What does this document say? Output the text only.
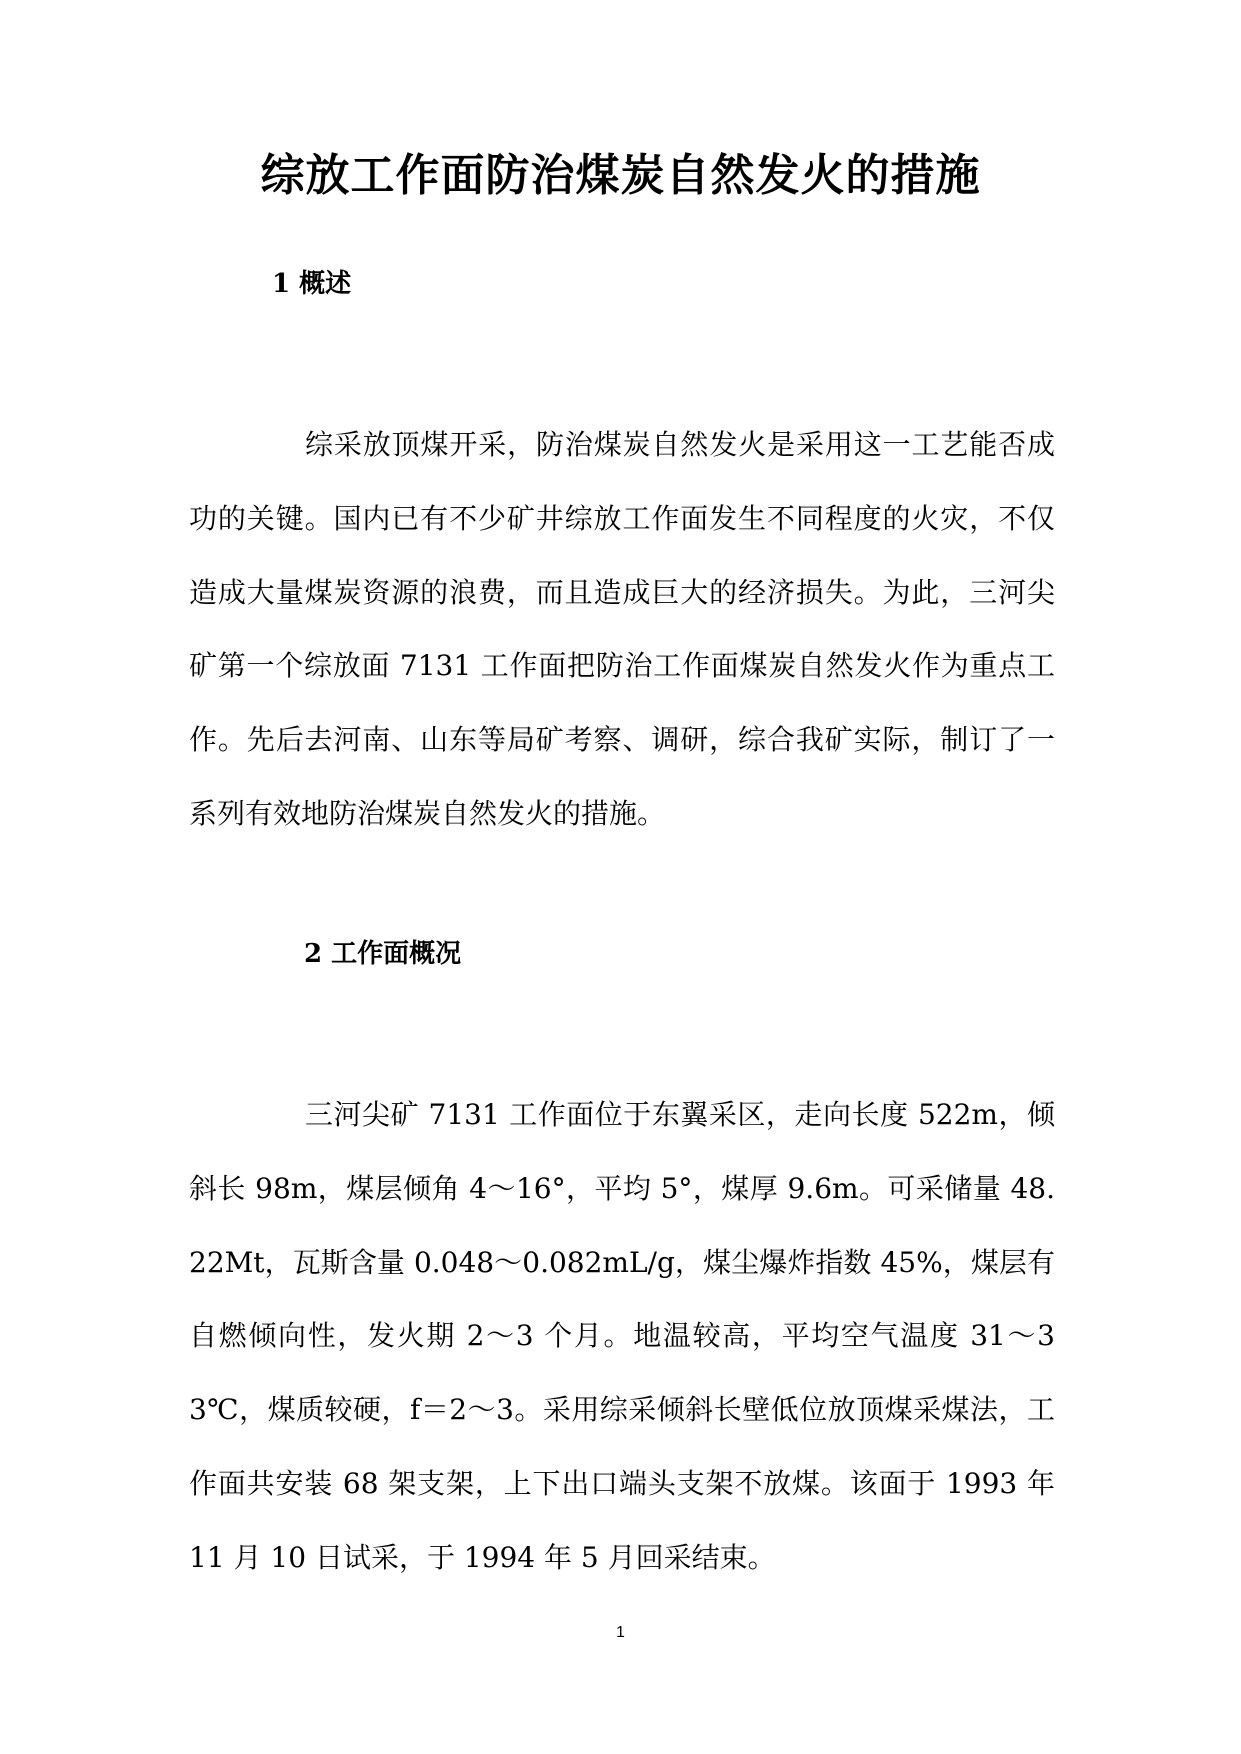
综放工作面防治煤炭自然发火的措施
1 概述

综采放顶煤开采，防治煤炭自然发火是采用这一工艺能否成功的关键。国内已有不少矿井综放工作面发生不同程度的火灾，不仅造成大量煤炭资源的浪费，而且造成巨大的经济损失。为此，三河尖矿第一个综放面 7131 工作面把防治工作面煤炭自然发火作为重点工作。先后去河南、山东等局矿考察、调研，综合我矿实际，制订了一系列有效地防治煤炭自然发火的措施。

2 工作面概况

三河尖矿 7131 工作面位于东翼采区，走向长度 522m，倾斜长 98m，煤层倾角 4～16°，平均 5°，煤厚 9.6m。可采储量 48.22Mt，瓦斯含量 0.048～0.082mL/g，煤尘爆炸指数 45%，煤层有自燃倾向性，发火期 2～3 个月。地温较高，平均空气温度 31～33℃，煤质较硬，f＝2～3。采用综采倾斜长壁低位放顶煤采煤法，工作面共安装 68 架支架，上下出口端头支架不放煤。该面于 1993 年 11 月 10 日试采，于 1994 年 5 月回采结束。

1
